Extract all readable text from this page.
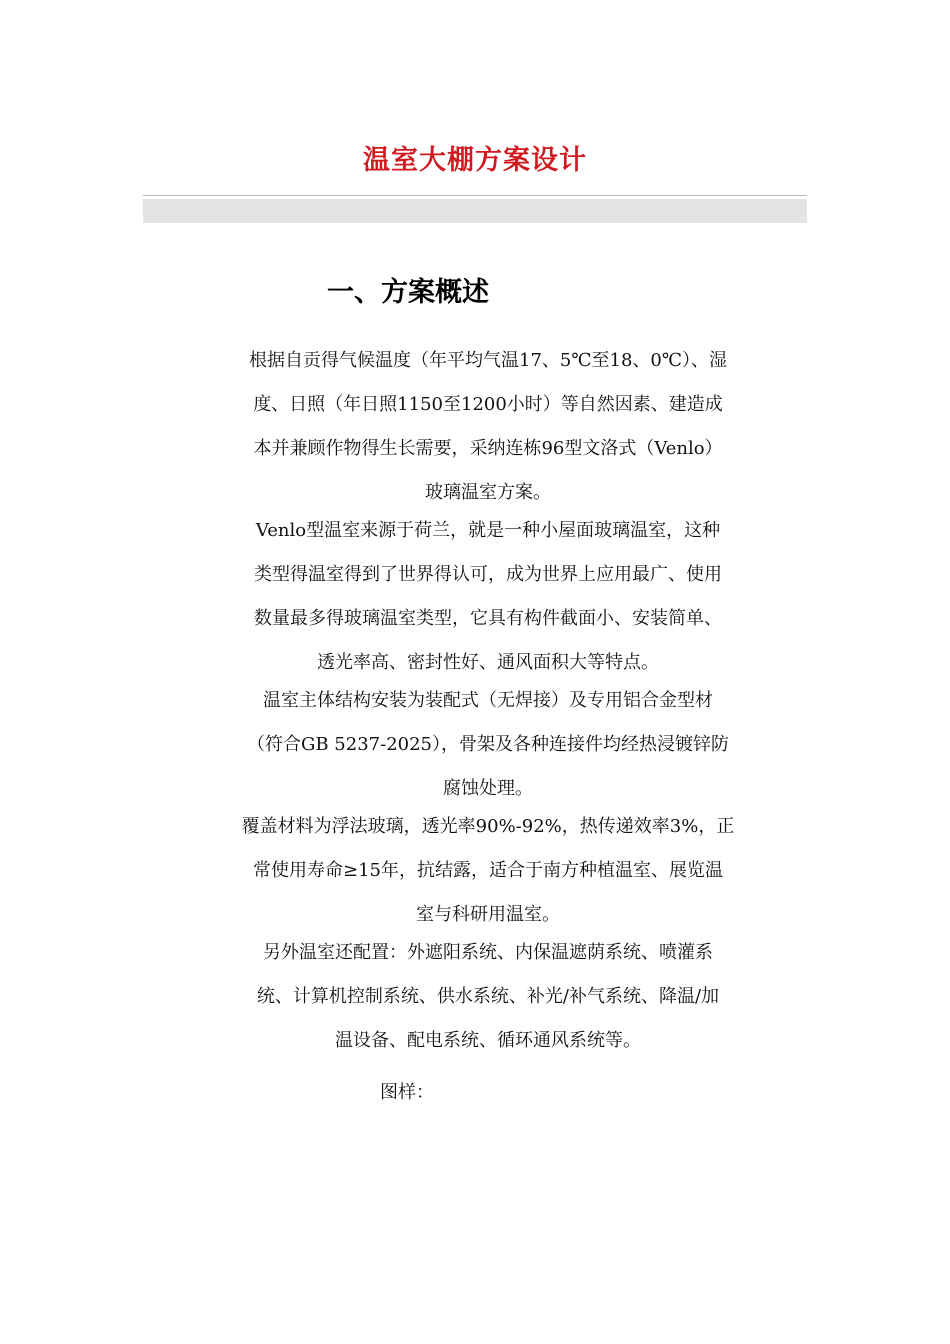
温室大棚方案设计
一、方案概述
根据自贡得气候温度（年平均气温17、5℃至18、0℃）、湿
度、日照（年日照1150至1200小时）等自然因素、建造成
本并兼顾作物得生长需要，采纳连栋96型文洛式（Venlo）
玻璃温室方案。
Venlo型温室来源于荷兰，就是一种小屋面玻璃温室，这种
类型得温室得到了世界得认可，成为世界上应用最广、使用
数量最多得玻璃温室类型，它具有构件截面小、安装简单、
透光率高、密封性好、通风面积大等特点。
温室主体结构安装为装配式（无焊接）及专用铝合金型材
（符合GB 5237-2025），骨架及各种连接件均经热浸镀锌防
腐蚀处理。
覆盖材料为浮法玻璃，透光率90%-92%，热传递效率3%，正
常使用寿命≥15年，抗结露，适合于南方种植温室、展览温
室与科研用温室。
另外温室还配置：外遮阳系统、内保温遮荫系统、喷灌系
统、计算机控制系统、供水系统、补光/补气系统、降温/加
温设备、配电系统、循环通风系统等。
图样：
